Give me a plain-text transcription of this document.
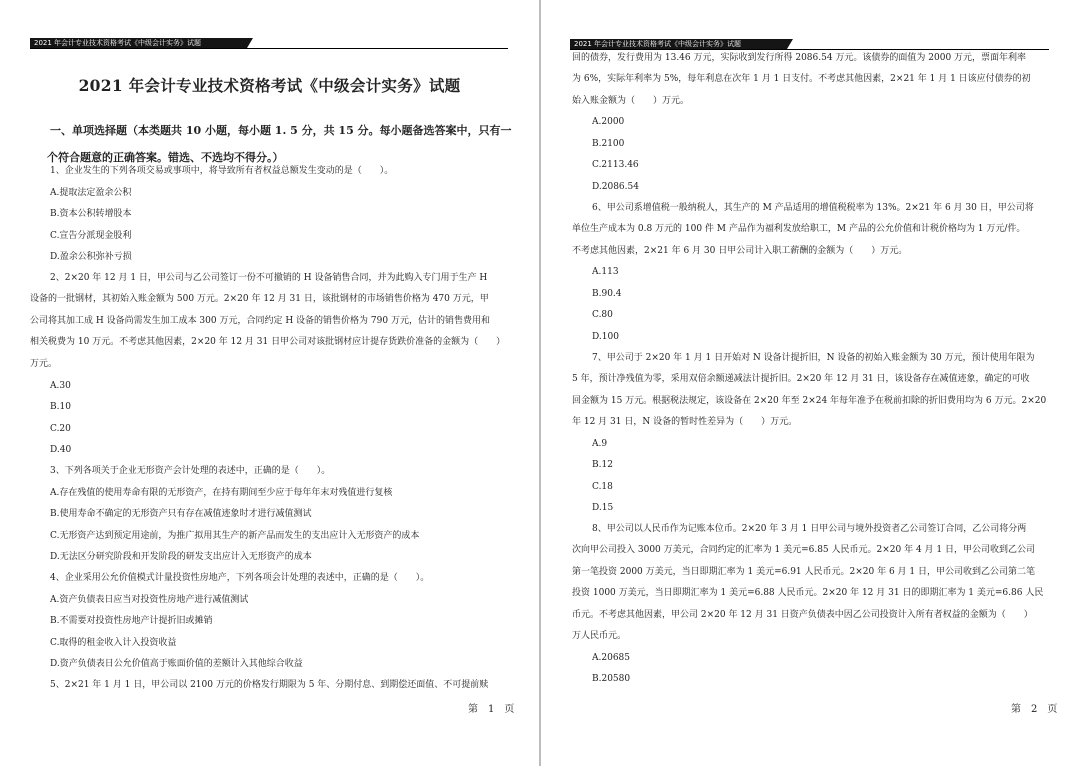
2021 年会计专业技术资格考试《中级会计实务》试题
2021 年会计专业技术资格考试《中级会计实务》试题

一、单项选择题（本类题共 10 小题，每小题 1. 5 分，共 15 分。每小题备选答案中，只有一个符合题意的正确答案。错选、不选均不得分。）

1、企业发生的下列各项交易或事项中，将导致所有者权益总额发生变动的是（　　）。

A.提取法定盈余公积

B.资本公积转增股本

C.宣告分派现金股利

D.盈余公积弥补亏损

2、2×20 年 12 月 1 日，甲公司与乙公司签订一份不可撤销的 H 设备销售合同，并为此购入专门用于生产 H
设备的一批钢材，其初始入账金额为 500 万元。2×20 年 12 月 31 日，该批钢材的市场销售价格为 470 万元，甲
公司将其加工成 H 设备尚需发生加工成本 300 万元，合同约定 H 设备的销售价格为 790 万元，估计的销售费用和
相关税费为 10 万元。不考虑其他因素，2×20 年 12 月 31 日甲公司对该批钢材应计提存货跌价准备的金额为（　　）
万元。

A.30

B.10

C.20

D.40

3、下列各项关于企业无形资产会计处理的表述中，正确的是（　　）。

A.存在残值的使用寿命有限的无形资产，在持有期间至少应于每年年末对残值进行复核

B.使用寿命不确定的无形资产只有存在减值迹象时才进行减值测试

C.无形资产达到预定用途前，为推广拟用其生产的新产品而发生的支出应计入无形资产的成本

D.无法区分研究阶段和开发阶段的研发支出应计入无形资产的成本

4、企业采用公允价值模式计量投资性房地产，下列各项会计处理的表述中，正确的是（　　）。

A.资产负债表日应当对投资性房地产进行减值测试

B.不需要对投资性房地产计提折旧或摊销

C.取得的租金收入计入投资收益

D.资产负债表日公允价值高于账面价值的差额计入其他综合收益

5、2×21 年 1 月 1 日，甲公司以 2100 万元的价格发行期限为 5 年、分期付息、到期偿还面值、不可提前赎

第　1　页
2021 年会计专业技术资格考试《中级会计实务》试题
回的债券，发行费用为 13.46 万元，实际收到发行所得 2086.54 万元。该债券的面值为 2000 万元，票面年利率
为 6%，实际年利率为 5%，每年利息在次年 1 月 1 日支付。不考虑其他因素，2×21 年 1 月 1 日该应付债券的初
始入账金额为（　　）万元。

A.2000

B.2100

C.2113.46

D.2086.54

6、甲公司系增值税一般纳税人，其生产的 M 产品适用的增值税税率为 13%。2×21 年 6 月 30 日，甲公司将
单位生产成本为 0.8 万元的 100 件 M 产品作为福利发放给职工，M 产品的公允价值和计税价格均为 1 万元/件。
不考虑其他因素，2×21 年 6 月 30 日甲公司计入职工薪酬的金额为（　　）万元。

A.113

B.90.4

C.80

D.100

7、甲公司于 2×20 年 1 月 1 日开始对 N 设备计提折旧，N 设备的初始入账金额为 30 万元，预计使用年限为
5 年，预计净残值为零，采用双倍余额递减法计提折旧。2×20 年 12 月 31 日，该设备存在减值迹象，确定的可收
回金额为 15 万元。根据税法规定，该设备在 2×20 年至 2×24 年每年准予在税前扣除的折旧费用均为 6 万元。2×20
年 12 月 31 日，N 设备的暂时性差异为（　　）万元。

A.9

B.12

C.18

D.15

8、甲公司以人民币作为记账本位币。2×20 年 3 月 1 日甲公司与境外投资者乙公司签订合同，乙公司将分两
次向甲公司投入 3000 万美元，合同约定的汇率为 1 美元=6.85 人民币元。2×20 年 4 月 1 日，甲公司收到乙公司
第一笔投资 2000 万美元，当日即期汇率为 1 美元=6.91 人民币元。2×20 年 6 月 1 日，甲公司收到乙公司第二笔
投资 1000 万美元，当日即期汇率为 1 美元=6.88 人民币元。2×20 年 12 月 31 日的即期汇率为 1 美元=6.86 人民
币元。不考虑其他因素，甲公司 2×20 年 12 月 31 日资产负债表中因乙公司投资计入所有者权益的金额为（　　）
万人民币元。

A.20685

B.20580

第　2　页
